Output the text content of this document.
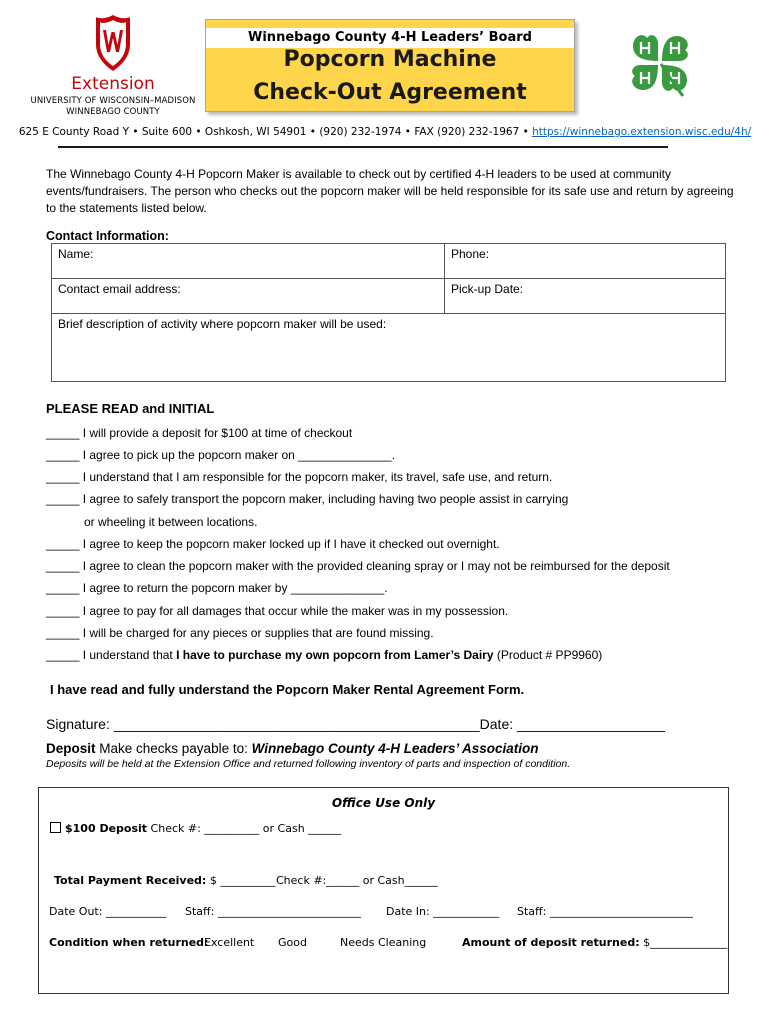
Extension
UNIVERSITY OF WISCONSIN–MADISON
WINNEBAGO COUNTY
Winnebago County 4-H Leaders’ Board
Popcorn Machine
Check-Out Agreement
625 E County Road Y • Suite 600 • Oshkosh, WI 54901 • (920) 232-1974 • FAX (920) 232-1967 • https://winnebago.extension.wisc.edu/4h/
The Winnebago County 4-H Popcorn Maker is available to check out by certified 4-H leaders to be used at community events/fundraisers. The person who checks out the popcorn maker will be held responsible for its safe use and return by agreeing to the statements listed below.
Contact Information:
Name:	Phone:
Contact email address:	Pick-up Date:
Brief description of activity where popcorn maker will be used:	
PLEASE READ and INITIAL
_____ I will provide a deposit for $100 at time of checkout
_____ I agree to pick up the popcorn maker on ______________.
_____ I understand that I am responsible for the popcorn maker, its travel, safe use, and return.
_____ I agree to safely transport the popcorn maker, including having two people assist in carrying
or wheeling it between locations.
_____ I agree to keep the popcorn maker locked up if I have it checked out overnight.
_____ I agree to clean the popcorn maker with the provided cleaning spray or I may not be reimbursed for the deposit
_____ I agree to return the popcorn maker by ______________.
_____ I agree to pay for all damages that occur while the maker was in my possession.
_____ I will be charged for any pieces or supplies that are found missing.
_____ I understand that I have to purchase my own popcorn from Lamer’s Dairy (Product # PP9960)
I have read and fully understand the Popcorn Maker Rental Agreement Form.
Signature: _______________________________________________Date: ___________________
Deposit Make checks payable to: Winnebago County 4-H Leaders’ Association
Deposits will be held at the Extension Office and returned following inventory of parts and inspection of condition.
Office Use Only
$100 Deposit Check #: __________ or Cash ______
Total Payment Received: $ __________ Check #:______ or Cash______
Date Out: ___________ Staff: __________________________ Date In: ____________ Staff: __________________________
Condition when returned:
Excellent Good	Needs Cleaning	Amount of deposit returned: $______________
